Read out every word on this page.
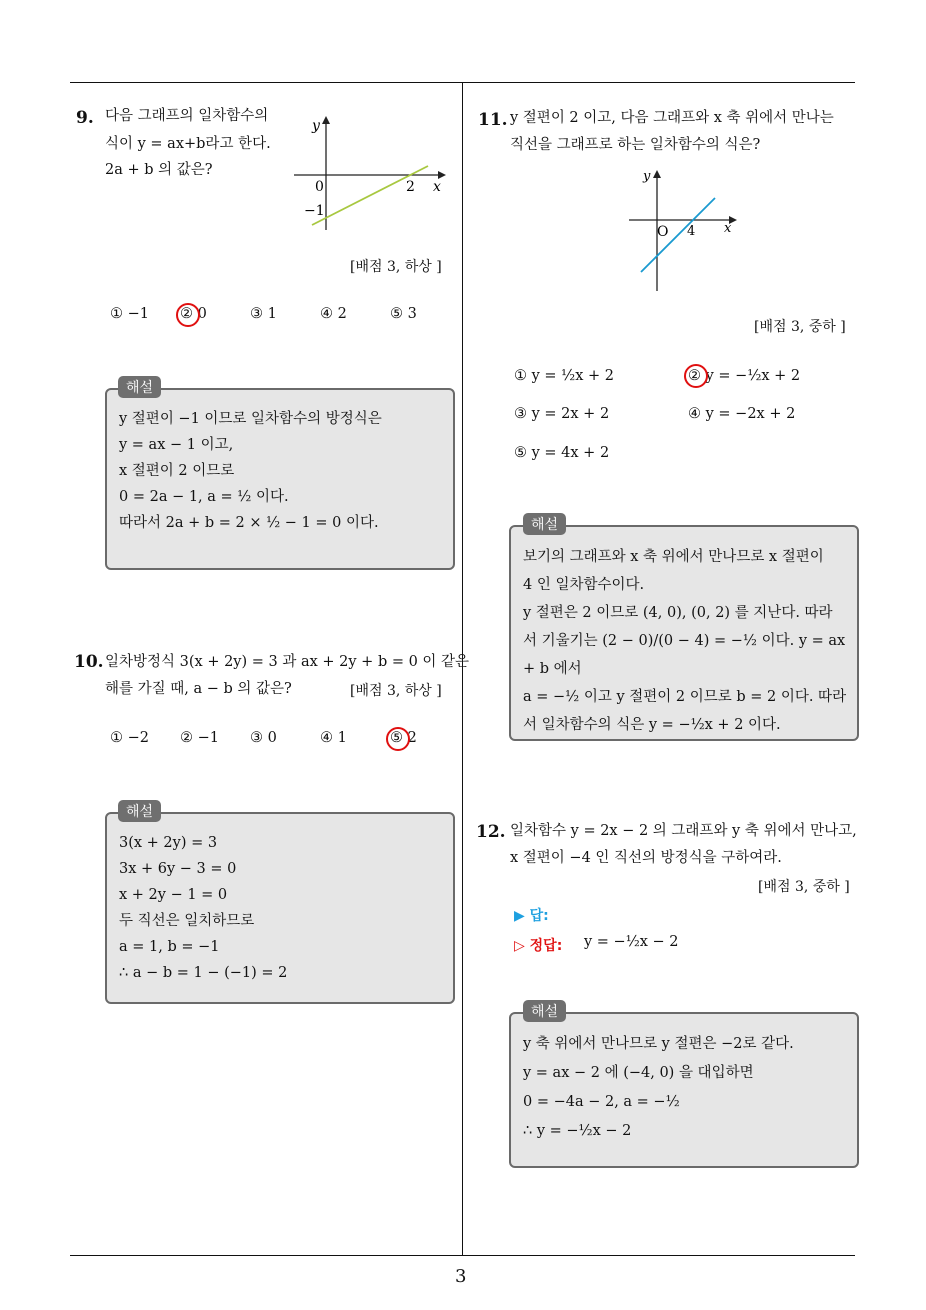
9. 다음 그래프의 일차함수의
식이 y = ax+b라고 한다.
2a + b 의 값은?
y
x
0	2
−1
[배점 3, 하상 ]
① −1 ② 0	③ 1	④ 2	⑤ 3
y 절편이 −1 이므로 일차함수의 방정식은
y = ax − 1 이고,
x 절편이 2 이므로
0 = 2a − 1, a = ½ 이다.
따라서 2a + b = 2 × ½ − 1 = 0 이다.
해설
10. 일차방정식 3(x + 2y) = 3 과 ax + 2y + b = 0 이 같은
해를 가질 때, a − b 의 값은?	[배점 3, 하상 ]
① −2 ② −1 ③ 0	④ 1	⑤ 2
3(x + 2y) = 3
3x + 6y − 3 = 0
x + 2y − 1 = 0
두 직선은 일치하므로
a = 1, b = −1
∴ a − b = 1 − (−1) = 2
해설
11. y 절편이 2 이고, 다음 그래프와 x 축 위에서 만나는
직선을 그래프로 하는 일차함수의 식은?
y
x
O 4
[배점 3, 중하 ]
① y = ½x + 2	② y = −½x + 2
③ y = 2x + 2	④ y = −2x + 2
⑤ y = 4x + 2
보기의 그래프와 x 축 위에서 만나므로 x 절편이
4 인 일차함수이다.
y 절편은 2 이므로 (4, 0), (0, 2) 를 지난다. 따라
서 기울기는 (2 − 0)/(0 − 4) = −½ 이다. y = ax + b 에서
a = −½ 이고 y 절편이 2 이므로 b = 2 이다. 따라
서 일차함수의 식은 y = −½x + 2 이다.
해설
12. 일차함수 y = 2x − 2 의 그래프와 y 축 위에서 만나고,
x 절편이 −4 인 직선의 방정식을 구하여라.
[배점 3, 중하 ]
▶ 답:
▷ 정답: y = −½x − 2
y 축 위에서 만나므로 y 절편은 −2로 같다.
y = ax − 2 에 (−4, 0) 을 대입하면
0 = −4a − 2, a = −½
∴ y = −½x − 2
해설
3
